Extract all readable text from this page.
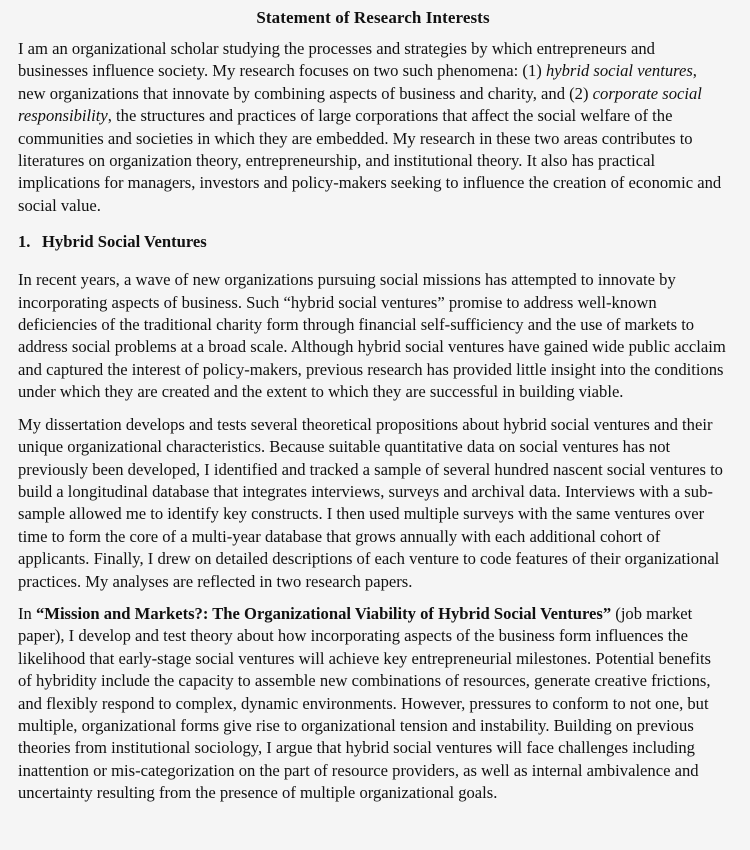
Statement of Research Interests

I am an organizational scholar studying the processes and strategies by which entrepreneurs and businesses influence society. My research focuses on two such phenomena: (1) hybrid social ventures, new organizations that innovate by combining aspects of business and charity, and (2) corporate social responsibility, the structures and practices of large corporations that affect the social welfare of the communities and societies in which they are embedded. My research in these two areas contributes to literatures on organization theory, entrepreneurship, and institutional theory. It also has practical implications for managers, investors and policy-makers seeking to influence the creation of economic and social value.

1. Hybrid Social Ventures

In recent years, a wave of new organizations pursuing social missions has attempted to innovate by incorporating aspects of business. Such “hybrid social ventures” promise to address well-known deficiencies of the traditional charity form through financial self-sufficiency and the use of markets to address social problems at a broad scale. Although hybrid social ventures have gained wide public acclaim and captured the interest of policy-makers, previous research has provided little insight into the conditions under which they are created and the extent to which they are successful in building viable.

My dissertation develops and tests several theoretical propositions about hybrid social ventures and their unique organizational characteristics. Because suitable quantitative data on social ventures has not previously been developed, I identified and tracked a sample of several hundred nascent social ventures to build a longitudinal database that integrates interviews, surveys and archival data. Interviews with a sub-sample allowed me to identify key constructs. I then used multiple surveys with the same ventures over time to form the core of a multi-year database that grows annually with each additional cohort of applicants. Finally, I drew on detailed descriptions of each venture to code features of their organizational practices. My analyses are reflected in two research papers.

In “Mission and Markets?: The Organizational Viability of Hybrid Social Ventures” (job market paper), I develop and test theory about how incorporating aspects of the business form influences the likelihood that early-stage social ventures will achieve key entrepreneurial milestones. Potential benefits of hybridity include the capacity to assemble new combinations of resources, generate creative frictions, and flexibly respond to complex, dynamic environments. However, pressures to conform to not one, but multiple, organizational forms give rise to organizational tension and instability. Building on previous theories from institutional sociology, I argue that hybrid social ventures will face challenges including inattention or mis-categorization on the part of resource providers, as well as internal ambivalence and uncertainty resulting from the presence of multiple organizational goals.
